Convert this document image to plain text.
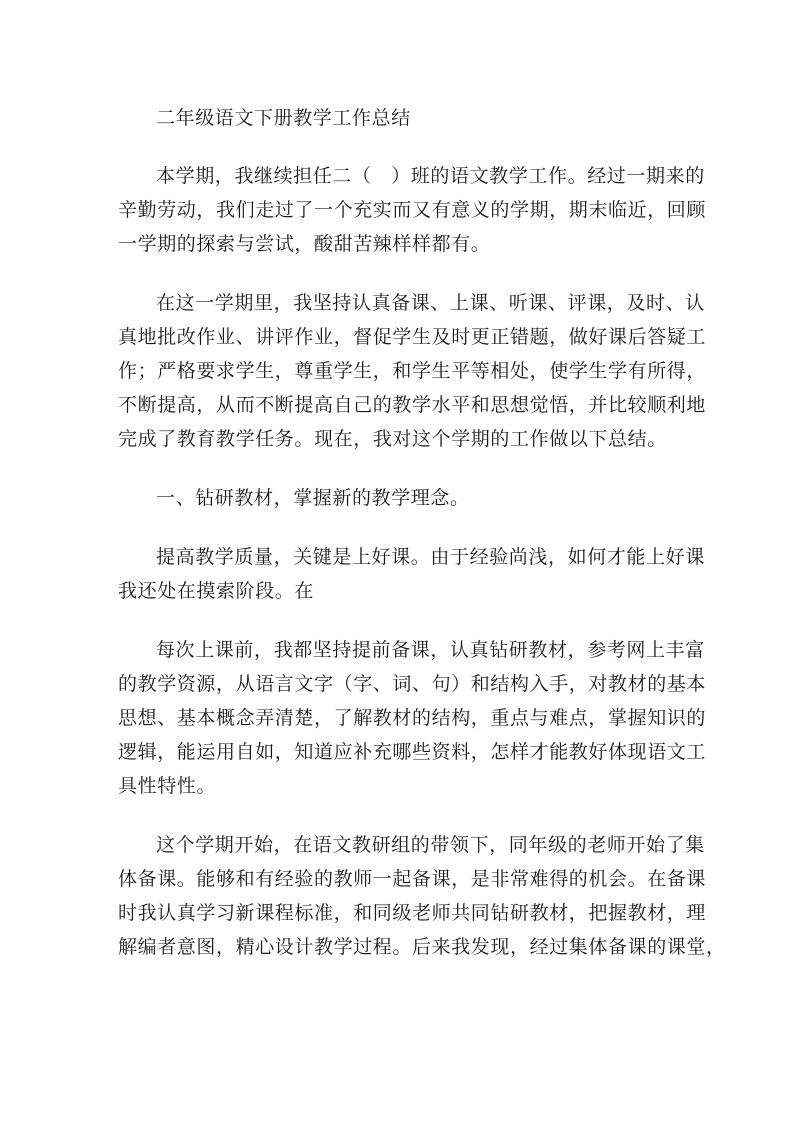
二年级语文下册教学工作总结

本学期，我继续担任二（　）班的语文教学工作。经过一期来的
辛勤劳动，我们走过了一个充实而又有意义的学期，期末临近，回顾
一学期的探索与尝试，酸甜苦辣样样都有。

在这一学期里，我坚持认真备课、上课、听课、评课，及时、认
真地批改作业、讲评作业，督促学生及时更正错题，做好课后答疑工
作；严格要求学生，尊重学生，和学生平等相处，使学生学有所得，
不断提高，从而不断提高自己的教学水平和思想觉悟，并比较顺利地
完成了教育教学任务。现在，我对这个学期的工作做以下总结。

一、钻研教材，掌握新的教学理念。

提高教学质量，关键是上好课。由于经验尚浅，如何才能上好课
我还处在摸索阶段。在

每次上课前，我都坚持提前备课，认真钻研教材，参考网上丰富
的教学资源，从语言文字（字、词、句）和结构入手，对教材的基本
思想、基本概念弄清楚，了解教材的结构，重点与难点，掌握知识的
逻辑，能运用自如，知道应补充哪些资料，怎样才能教好体现语文工
具性特性。

这个学期开始，在语文教研组的带领下，同年级的老师开始了集
体备课。能够和有经验的教师一起备课，是非常难得的机会。在备课
时我认真学习新课程标准，和同级老师共同钻研教材，把握教材，理
解编者意图，精心设计教学过程。后来我发现，经过集体备课的课堂，
